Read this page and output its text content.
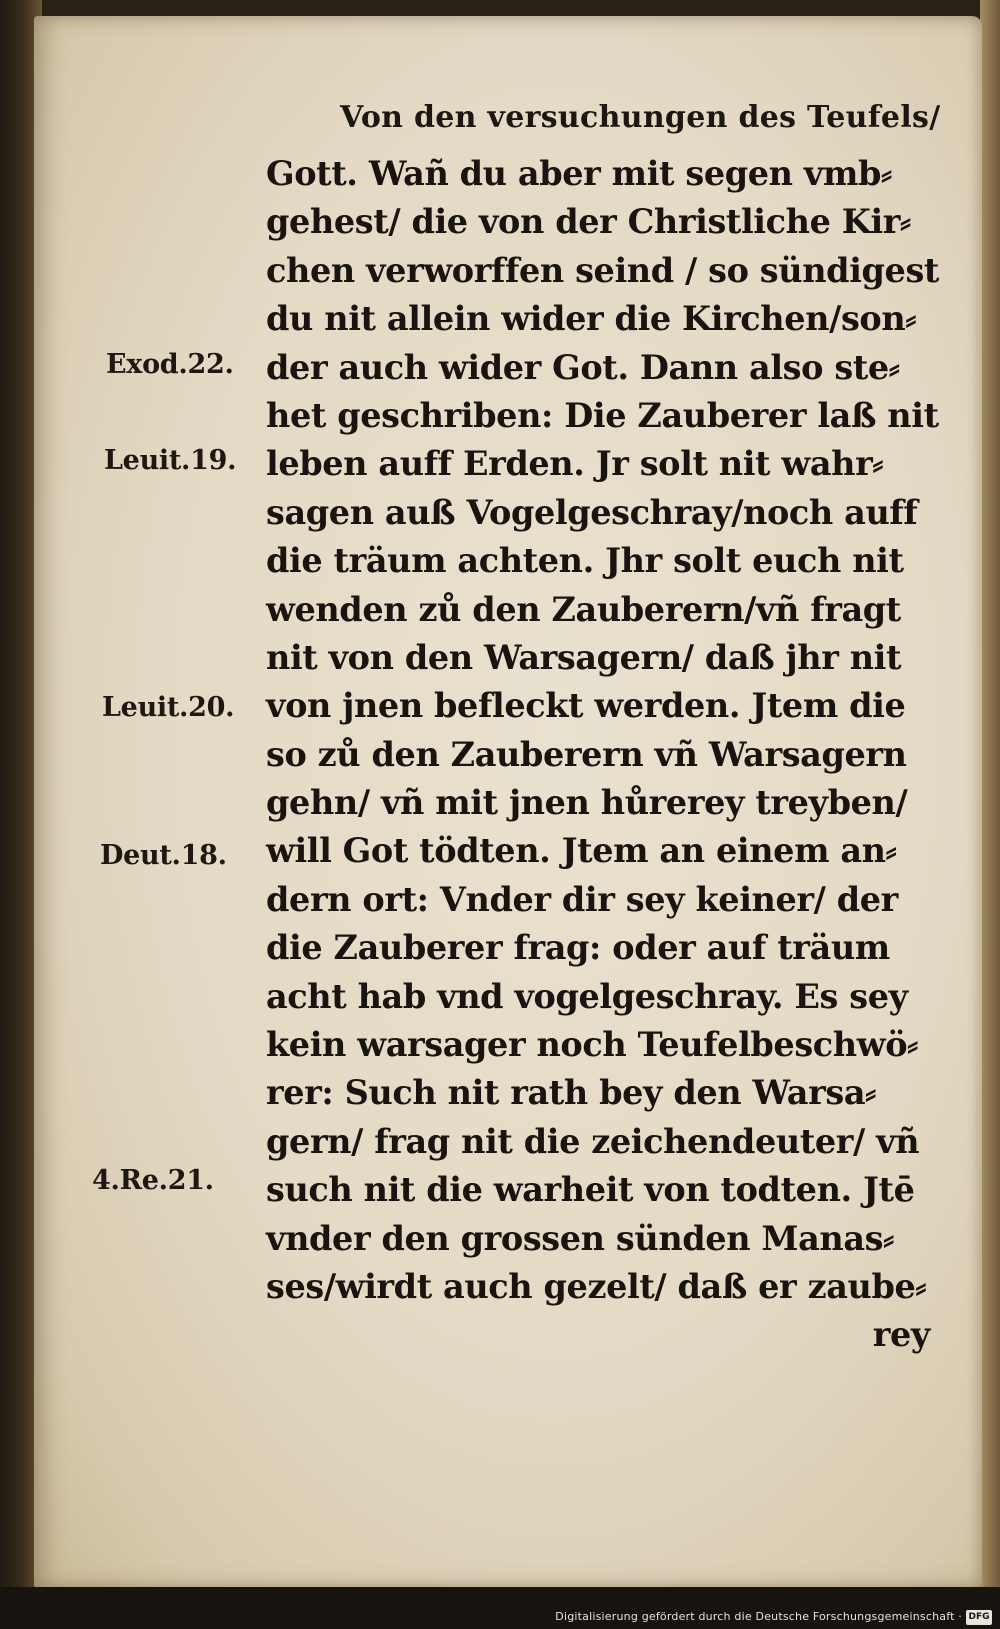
Von den versuchungen des Teufels/
Gott. Wañ du aber mit segen vmb⸗
gehest/ die von der Christliche Kir⸗
chen verworffen seind / so sündigest
du nit allein wider die Kirchen/son⸗
der auch wider Got. Dann also ste⸗
het geschriben: Die Zauberer laß nit
leben auff Erden. Jr solt nit wahr⸗
sagen auß Vogelgeschray/noch auff
die träum achten. Jhr solt euch nit
wenden zů den Zauberern/vñ fragt
nit von den Warsagern/ daß jhr nit
von jnen befleckt werden. Jtem die
so zů den Zauberern vñ Warsagern
gehn/ vñ mit jnen hůrerey treyben/
will Got tödten. Jtem an einem an⸗
dern ort: Vnder dir sey keiner/ der
die Zauberer frag: oder auf träum
acht hab vnd vogelgeschray. Es sey
kein warsager noch Teufelbeschwö⸗
rer: Such nit rath bey den Warsa⸗
gern/ frag nit die zeichendeuter/ vñ
such nit die warheit von todten. Jtē
vnder den grossen sünden Manas⸗
ses/wirdt auch gezelt/ daß er zaube⸗
rey
Exod.22.
Leuit.19.
Leuit.20.
Deut.18.
4.Re.21.
Digitalisierung gefördert durch die Deutsche Forschungsgemeinschaft · DFG
